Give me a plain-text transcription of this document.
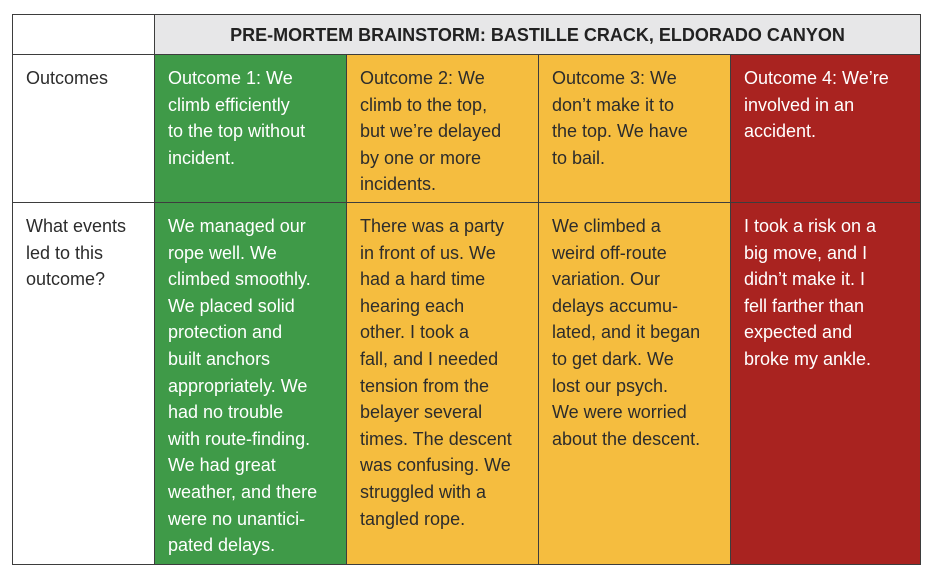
PRE-MORTEM BRAINSTORM: BASTILLE CRACK, ELDORADO CANYON
Outcomes	Outcome 1: We
climb efficiently
to the top without
incident.
Outcome 2: We
climb to the top,
but we’re delayed
by one or more
incidents.
Outcome 3: We
don’t make it to
the top. We have
to bail.
Outcome 4: We’re
involved in an
accident.
What events
led to this
outcome?
We managed our
rope well. We
climbed smoothly.
We placed solid
protection and
built anchors
appropriately. We
had no trouble
with route-finding.
We had great
weather, and there
were no unantici-
pated delays.
There was a party
in front of us. We
had a hard time
hearing each
other. I took a
fall, and I needed
tension from the
belayer several
times. The descent
was confusing. We
struggled with a
tangled rope.
We climbed a
weird off-route
variation. Our
delays accumu-
lated, and it began
to get dark. We
lost our psych.
We were worried
about the descent.
I took a risk on a
big move, and I
didn’t make it. I
fell farther than
expected and
broke my ankle.
